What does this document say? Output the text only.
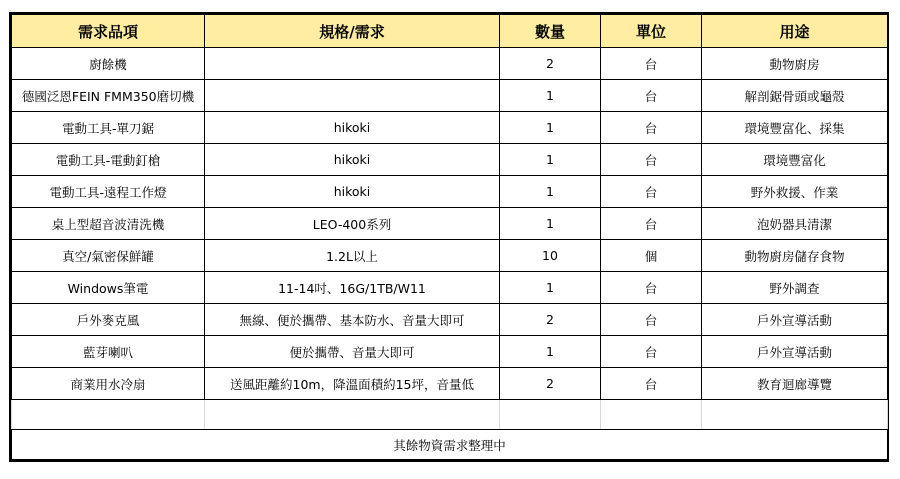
需求品項	規格/需求	數量	單位	用途
廚餘機		2	台	動物廚房
德國泛恩FEIN FMM350磨切機		1	台	解剖鋸骨頭或龜殼
電動工具-單刀鋸	hikoki	1	台	環境豐富化、採集
電動工具-電動釘槍	hikoki	1	台	環境豐富化
電動工具-遠程工作燈	hikoki	1	台	野外救援、作業
桌上型超音波清洗機	LEO-400系列	1	台	泡奶器具清潔
真空/氣密保鮮罐	1.2L以上	10	個	動物廚房儲存食物
Windows筆電	11-14吋、16G/1TB/W11	1	台	野外調查
戶外麥克風	無線、便於攜帶、基本防水、音量大即可	2	台	戶外宣導活動
藍芽喇叭	便於攜帶、音量大即可	1	台	戶外宣導活動
商業用水冷扇	送風距離約10m，降溫面積約15坪，音量低	2	台	教育迴廊導覽

其餘物資需求整理中				
